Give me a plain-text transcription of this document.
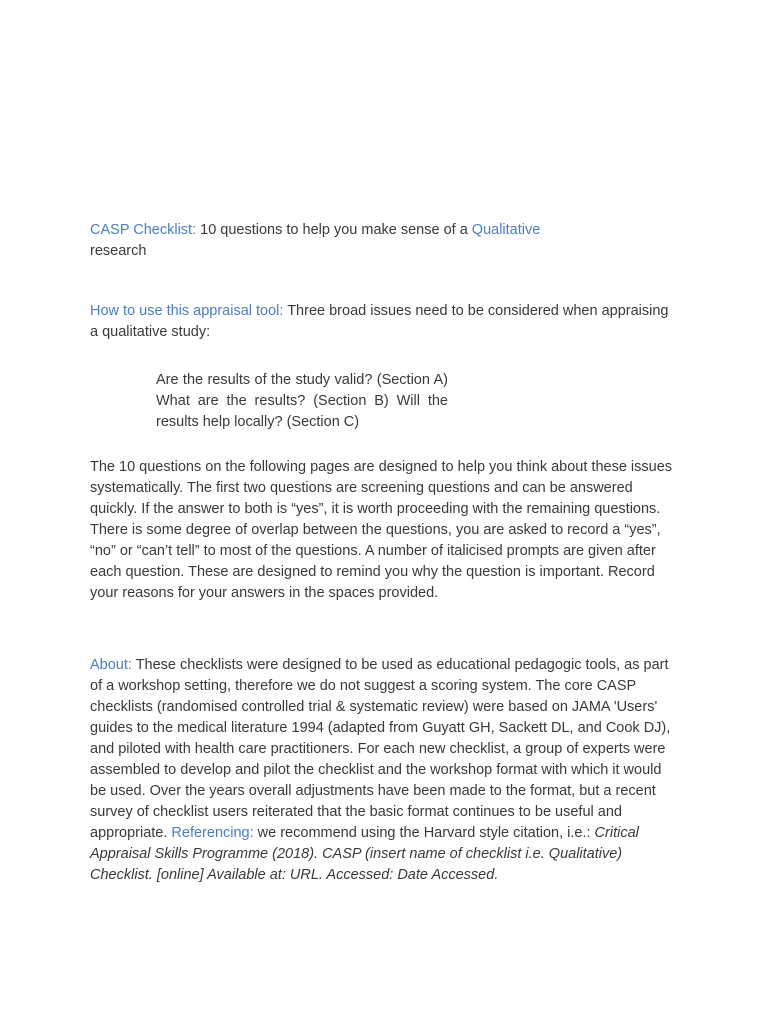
CASP Checklist: 10 questions to help you make sense of a Qualitative research

How to use this appraisal tool: Three broad issues need to be considered when appraising a qualitative study:

Are the results of the study valid? (Section A) What are the results? (Section B) Will the results help locally? (Section C)

The 10 questions on the following pages are designed to help you think about these issues systematically. The first two questions are screening questions and can be answered quickly. If the answer to both is “yes”, it is worth proceeding with the remaining questions. There is some degree of overlap between the questions, you are asked to record a “yes”, “no” or “can’t tell” to most of the questions. A number of italicised prompts are given after each question. These are designed to remind you why the question is important. Record your reasons for your answers in the spaces provided.

About: These checklists were designed to be used as educational pedagogic tools, as part of a workshop setting, therefore we do not suggest a scoring system. The core CASP checklists (randomised controlled trial & systematic review) were based on JAMA 'Users' guides to the medical literature 1994 (adapted from Guyatt GH, Sackett DL, and Cook DJ), and piloted with health care practitioners. For each new checklist, a group of experts were assembled to develop and pilot the checklist and the workshop format with which it would be used. Over the years overall adjustments have been made to the format, but a recent survey of checklist users reiterated that the basic format continues to be useful and appropriate. Referencing: we recommend using the Harvard style citation, i.e.: Critical Appraisal Skills Programme (2018). CASP (insert name of checklist i.e. Qualitative) Checklist. [online] Available at: URL. Accessed: Date Accessed.
